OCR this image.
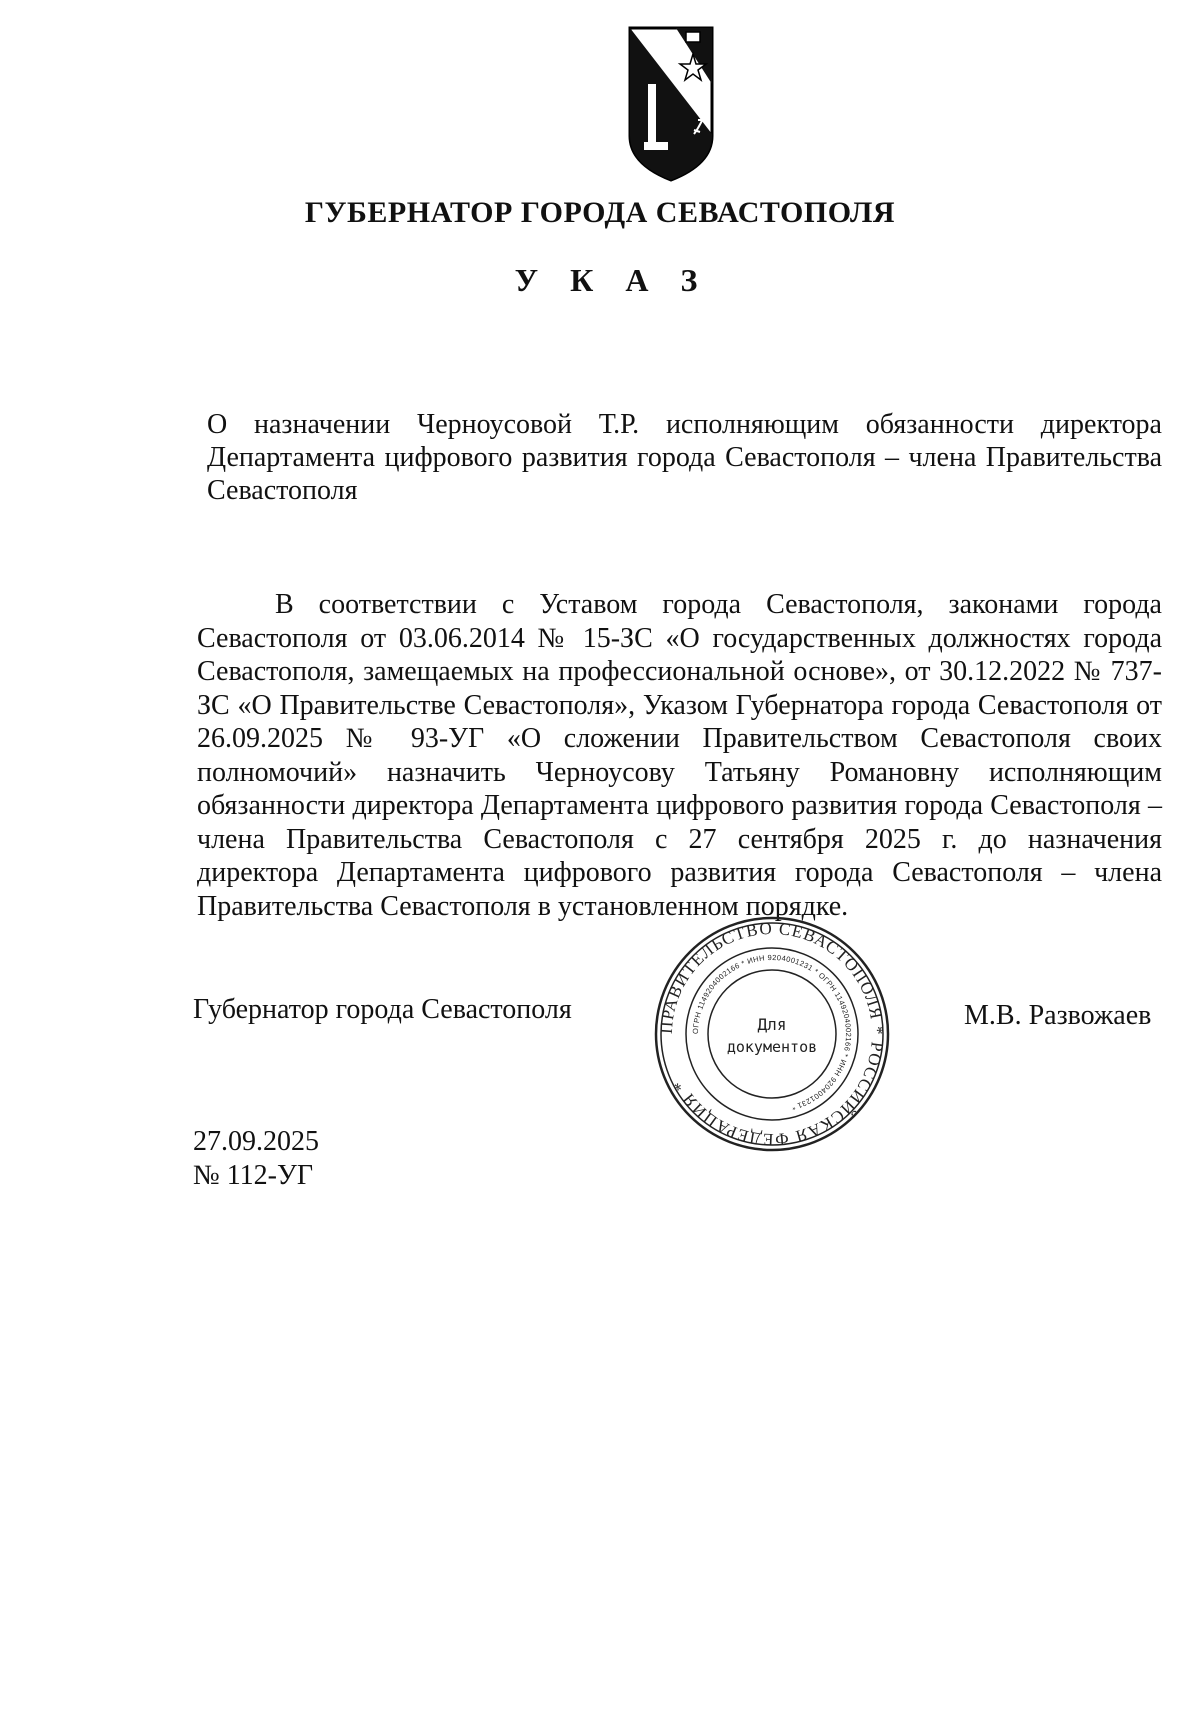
ГУБЕРНАТОР ГОРОДА СЕВАСТОПОЛЯ

У К А З

О назначении Черноусовой Т.Р. исполняющим обязанности директора Департамента цифрового развития города Севастополя – члена Правительства Севастополя

В соответствии с Уставом города Севастополя, законами города Севастополя от 03.06.2014 № 15-ЗС «О государственных должностях города Севастополя, замещаемых на профессиональной основе», от 30.12.2022 № 737-ЗС «О Правительстве Севастополя», Указом Губернатора города Севастополя от 26.09.2025 № 93-УГ «О сложении Правительством Севастополя своих полномочий» назначить Черноусову Татьяну Романовну исполняющим обязанности директора Департамента цифрового развития города Севастополя – члена Правительства Севастополя с 27 сентября 2025 г. до назначения директора Департамента цифрового развития города Севастополя – члена Правительства Севастополя в установленном порядке.

Губернатор города Севастополя

ПРАВИТЕЛЬСТВО СЕВАСТОПОЛЯ * РОССИЙСКАЯ ФЕДЕРАЦИЯ *
ОГРН 1149204002166 * ИНН 9204001231 * ОГРН 1149204002166 * ИНН 9204001231 *
Для
документов

М.В. Развожаев

27.09.2025

№ 112-УГ
